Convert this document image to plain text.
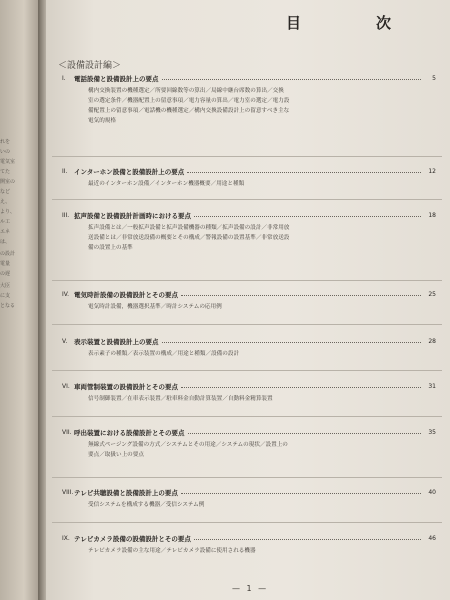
れを
いの
電気室
てた
開室の
など
え、
より、
ル工
エネ
は、
の設計
電量
の遅
大臣
に支
となる
目　次
＜設備設計編＞
I.	電話設備と設備設計上の要点	5
構内交換装置の機種選定／所要回線数等の算出／局線中継台席数の算出／交換
室の選定条件／機器配置上の留意事項／電力容量の算出／電力室の選定／電力設
備配置上の留意事項／電話機の機種選定／構内交換設備設計上の留意すべき主な
電気的規格
II.	インターホン設備と設備設計上の要点	12
最近のインターホン設備／インターホン機器概要／用途と種類
III. 拡声設備と設備設計計画時における要点	18
拡声設備とは／一般拡声設備と拡声設備機器の種類／拡声設備の設計／非常用放
送設備とは／非常放送設備の概要とその構成／警報設備の設置基準／非常放送設
備の設置上の基準
IV. 電気時計設備の設備設計とその要点	25
電気時計設備，機器選択基準／時計システムの応用例
V.	表示装置と設備設計上の要点	28
表示素子の種類／表示装置の構成／用途と種類／設備の設計
VI. 車両管制装置の設備設計とその要点	31
信号制御装置／在車表示装置／駐車料金自動計算装置／自動料金精算装置
VII. 呼出装置における設備設計とその要点	35
無線式ページング設備の方式／システムとその用途／システムの現状／設置上の
要点／取扱い上の要点
VIII. テレビ共聴設備と設備設計上の要点	40
受信システムを構成する機器／受信システム例
IX. テレビカメラ設備の設備設計とその要点	46
テレビカメラ設備の主な用途／テレビカメラ設備に使用される機器
— 1 —
